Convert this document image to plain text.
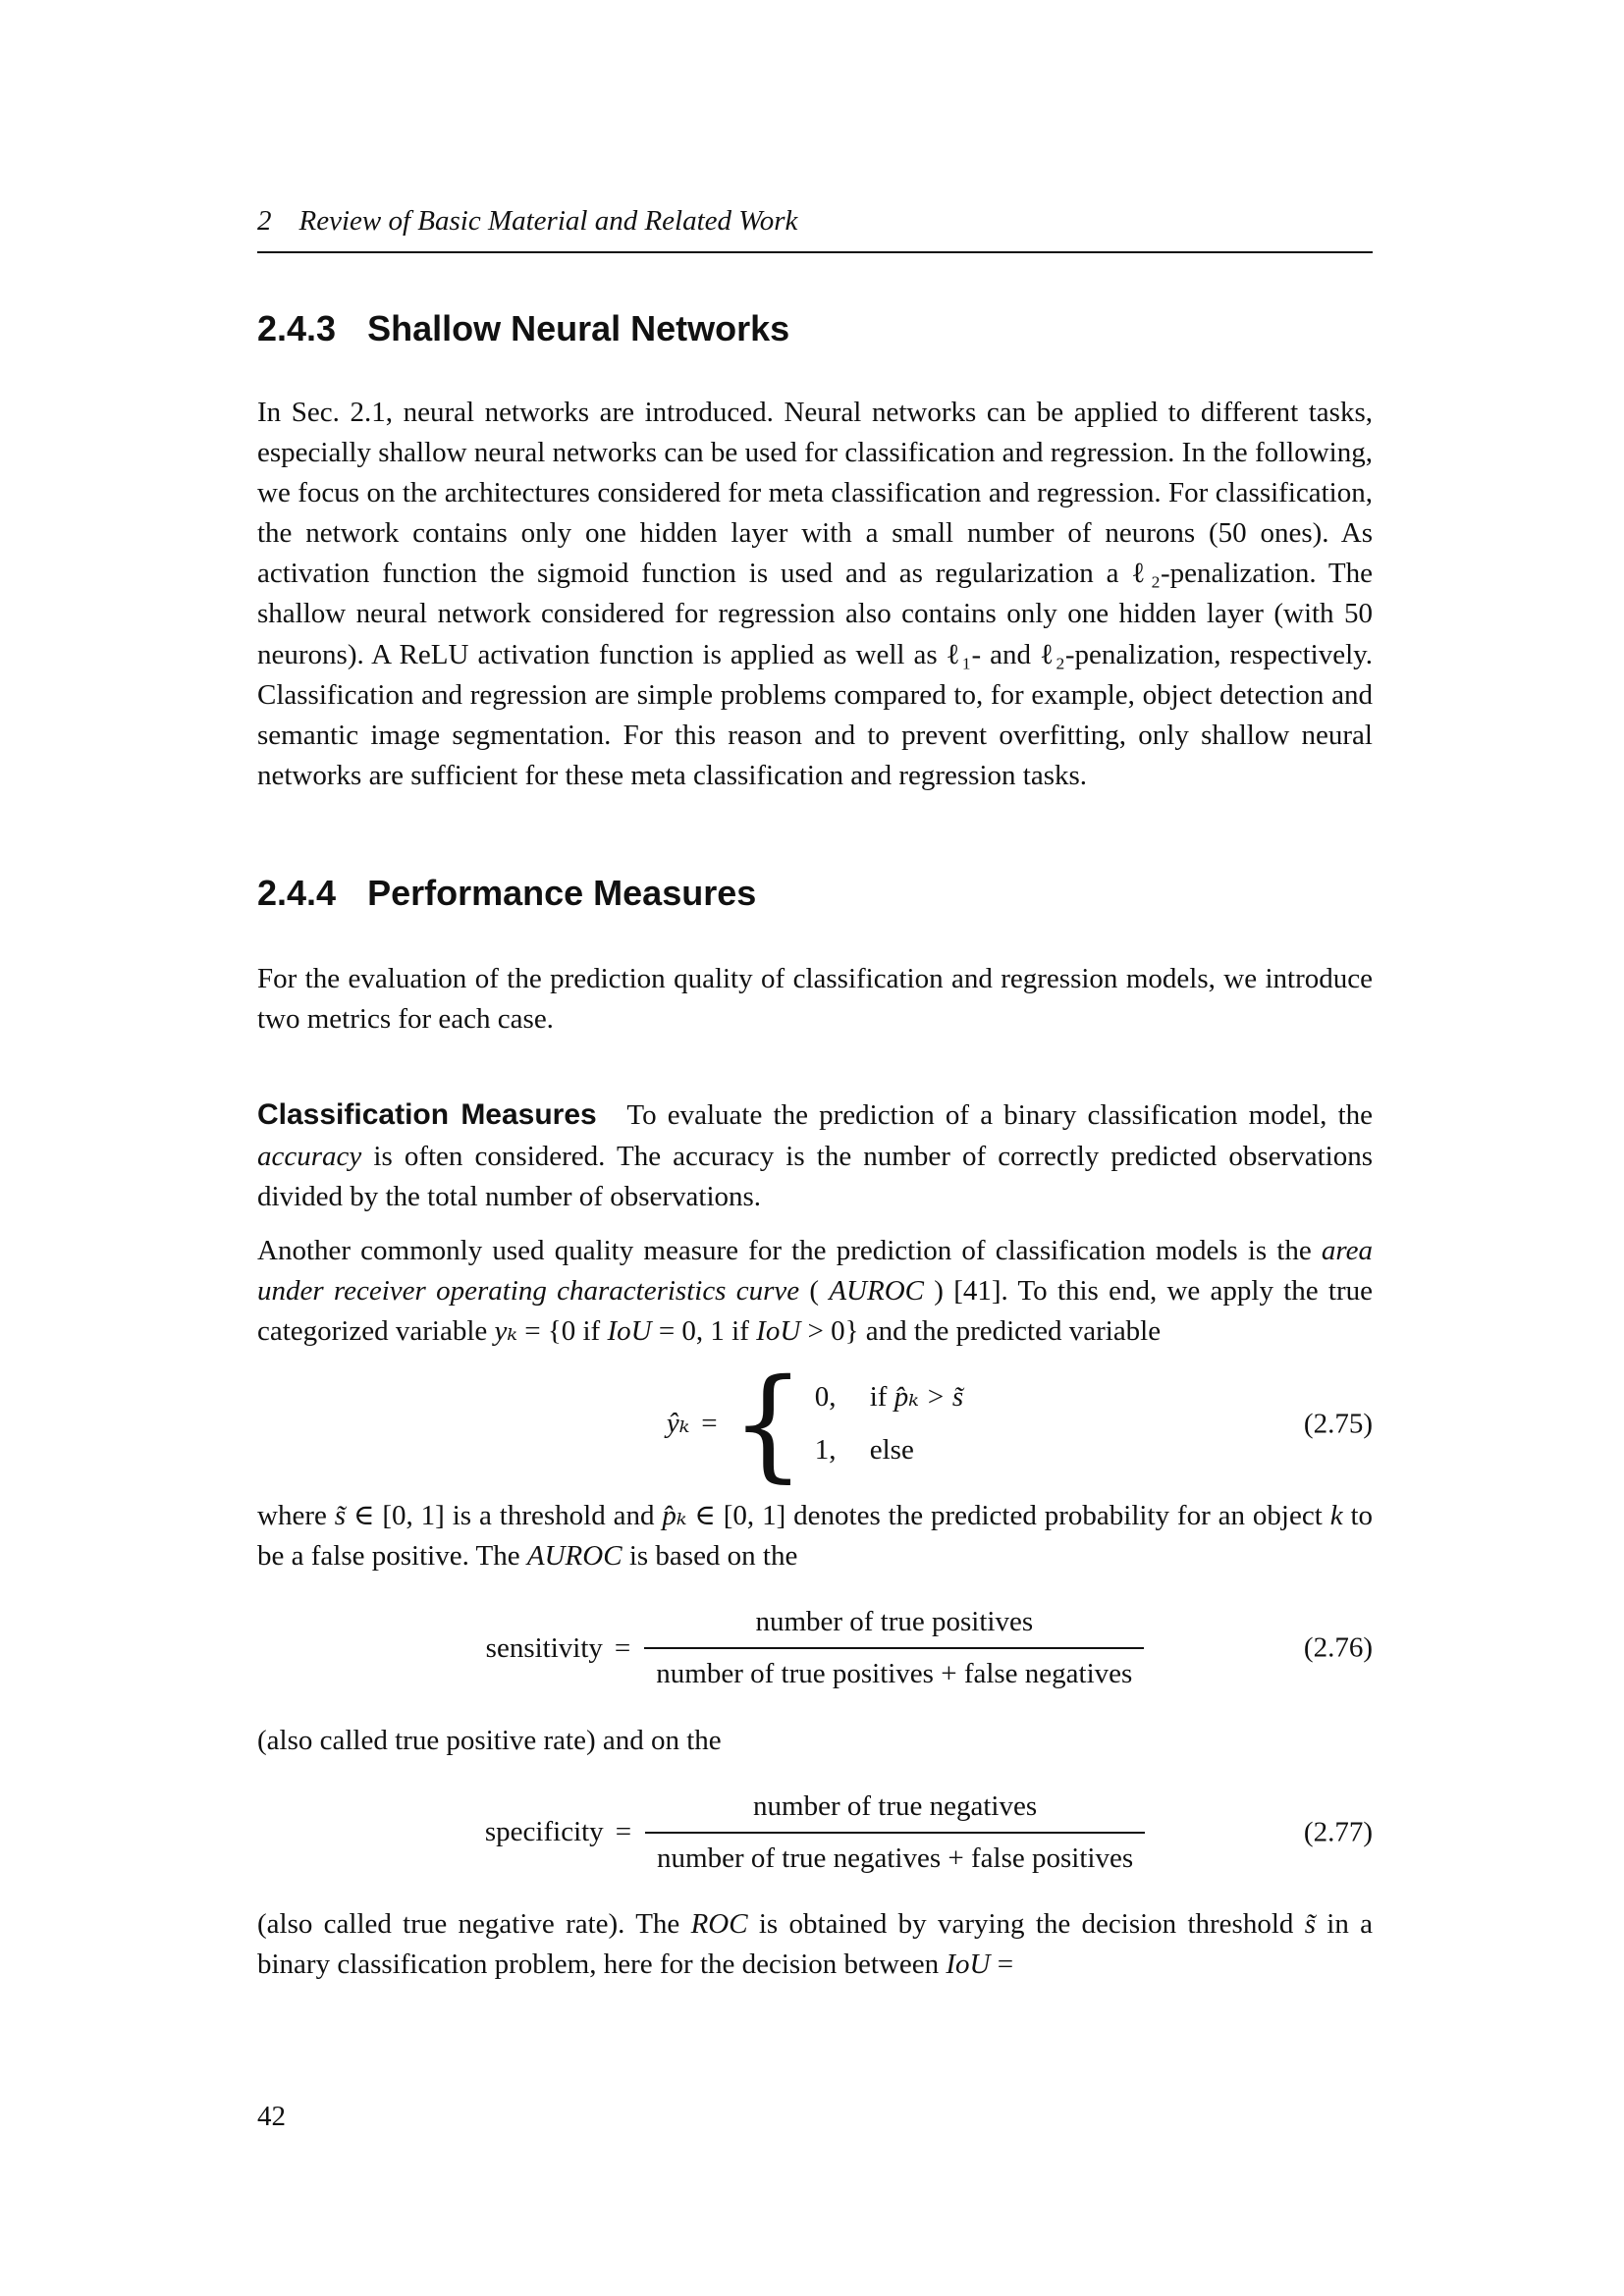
2 Review of Basic Material and Related Work
2.4.3 Shallow Neural Networks

In Sec. 2.1, neural networks are introduced. Neural networks can be applied to different tasks, especially shallow neural networks can be used for classification and regression. In the following, we focus on the architectures considered for meta classification and regression. For classification, the network contains only one hidden layer with a small number of neurons (50 ones). As activation function the sigmoid function is used and as regularization a ℓ₂-penalization. The shallow neural network considered for regression also contains only one hidden layer (with 50 neurons). A ReLU activation function is applied as well as ℓ₁- and ℓ₂-penalization, respectively. Classification and regression are simple problems compared to, for example, object detection and semantic image segmentation. For this reason and to prevent overfitting, only shallow neural networks are sufficient for these meta classification and regression tasks.

2.4.4 Performance Measures

For the evaluation of the prediction quality of classification and regression models, we introduce two metrics for each case.

Classification Measures To evaluate the prediction of a binary classification model, the accuracy is often considered. The accuracy is the number of correctly predicted observations divided by the total number of observations.

Another commonly used quality measure for the prediction of classification models is the area under receiver operating characteristics curve ( AUROC ) [41]. To this end, we apply the true categorized variable yₖ = {0 if IoU = 0, 1 if IoU > 0} and the predicted variable

ŷₖ = { 0,	if p̂ₖ > s̃
1,	else
(2.75)

where s̃ ∈ [0, 1] is a threshold and p̂ₖ ∈ [0, 1] denotes the predicted probability for an object k to be a false positive. The AUROC is based on the

sensitivity = $\frac{\text{number of true positives}}{\text{number of true positives + false negatives}}$	(2.76)

(also called true positive rate) and on the

specificity = $\frac{\text{number of true negatives}}{\text{number of true negatives + false positives}}$	(2.77)

(also called true negative rate). The ROC is obtained by varying the decision threshold s̃ in a binary classification problem, here for the decision between IoU =

42
